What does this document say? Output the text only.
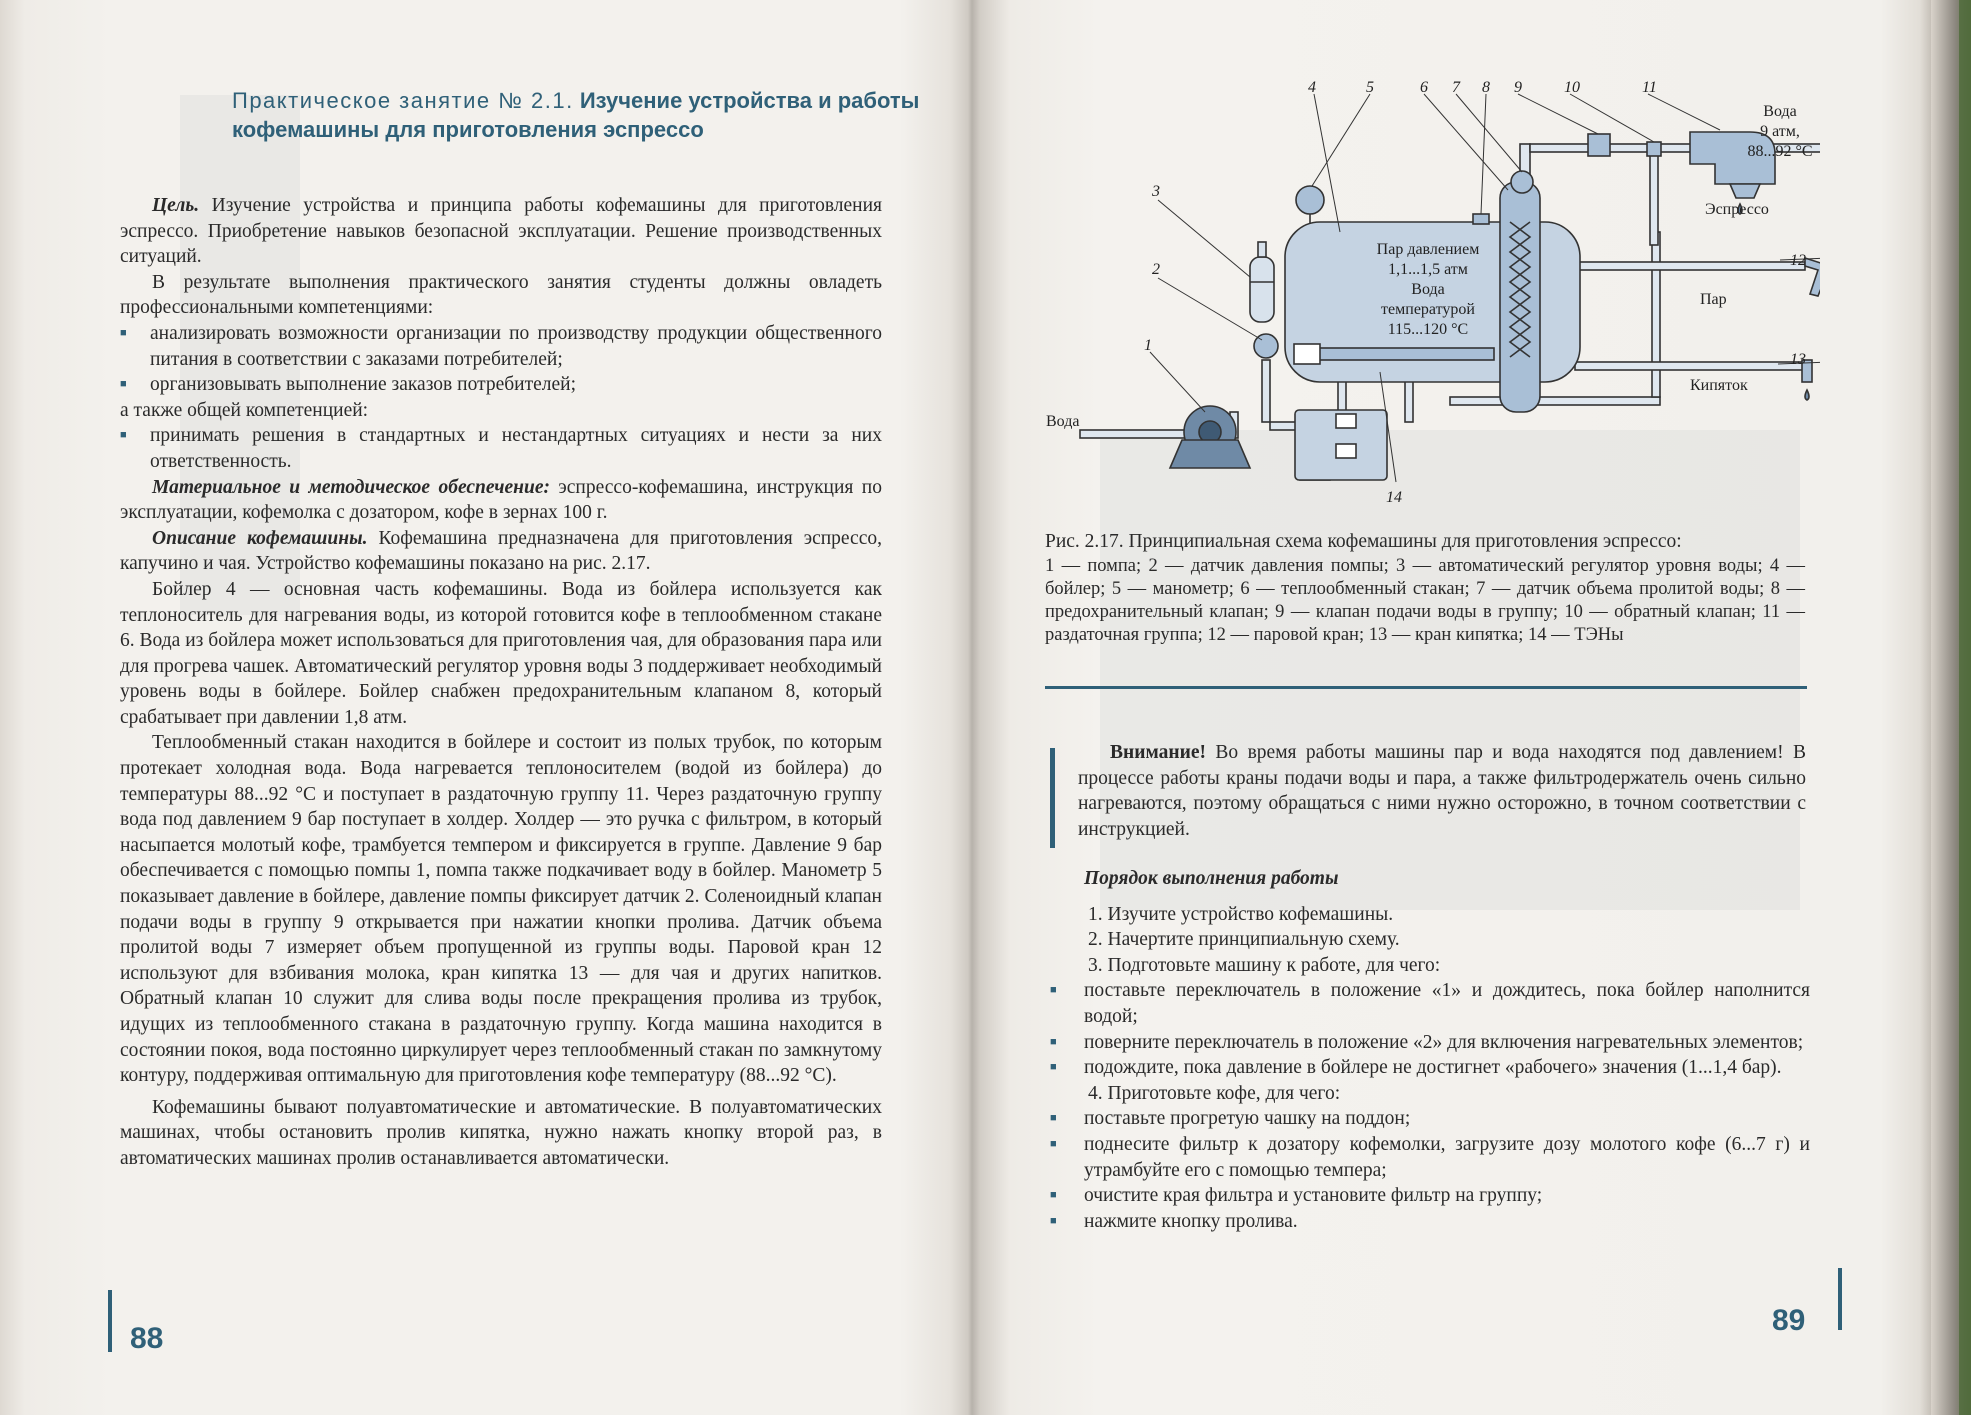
Практическое занятие № 2.1. Изучение устройства и работы кофемашины для приготовления эспрессо

Цель. Изучение устройства и принципа работы кофемашины для приготовления эспрессо. Приобретение навыков безопасной эксплуатации. Решение производственных ситуаций.

В результате выполнения практического занятия студенты должны овладеть профессиональными компетенциями:

■ анализировать возможности организации по производству продукции общественного питания в соответствии с заказами потребителей;
■ организовывать выполнение заказов потребителей;

а также общей компетенцией:

■ принимать решения в стандартных и нестандартных ситуациях и нести за них ответственность.

Материальное и методическое обеспечение: эспрессо-кофемашина, инструкция по эксплуатации, кофемолка с дозатором, кофе в зернах 100 г.

Описание кофемашины. Кофемашина предназначена для приготовления эспрессо, капучино и чая. Устройство кофемашины показано на рис. 2.17.

Бойлер 4 — основная часть кофемашины. Вода из бойлера используется как теплоноситель для нагревания воды, из которой готовится кофе в теплообменном стакане 6. Вода из бойлера может использоваться для приготовления чая, для образования пара или для прогрева чашек. Автоматический регулятор уровня воды 3 поддерживает необходимый уровень воды в бойлере. Бойлер снабжен предохранительным клапаном 8, который срабатывает при давлении 1,8 атм.

Теплообменный стакан находится в бойлере и состоит из полых трубок, по которым протекает холодная вода. Вода нагревается теплоносителем (водой из бойлера) до температуры 88...92 °С и поступает в раздаточную группу 11. Через раздаточную группу вода под давлением 9 бар поступает в холдер. Холдер — это ручка с фильтром, в который насыпается молотый кофе, трамбуется темпером и фиксируется в группе. Давление 9 бар обеспечивается с помощью помпы 1, помпа также подкачивает воду в бойлер. Манометр 5 показывает давление в бойлере, давление помпы фиксирует датчик 2. Соленоидный клапан подачи воды в группу 9 открывается при нажатии кнопки пролива. Датчик объема пролитой воды 7 измеряет объем пропущенной из группы воды. Паровой кран 12 используют для взбивания молока, кран кипятка 13 — для чая и других напитков. Обратный клапан 10 служит для слива воды после прекращения пролива из трубок, идущих из теплообменного стакана в раздаточную группу. Когда машина находится в состоянии покоя, вода постоянно циркулирует через теплообменный стакан по замкнутому контуру, поддерживая оптимальную для приготовления кофе температуру (88...92 °С).

Кофемашины бывают полуавтоматические и автоматические. В полуавтоматических машинах, чтобы остановить пролив кипятка, нужно нажать кнопку второй раз, в автоматических машинах пролив останавливается автоматически.

88
1
2
3
4	5	6 7 8 9	10	11
12
13
14
Пар давлением
1,1...1,5 атм
Вода
температурой
115...120 °С
Вода
9 атм,
88...92 °С
Вода
Эспрессо
Пар
Кипяток
Рис. 2.17. Принципиальная схема кофемашины для приготовления эспрессо:
1 — помпа; 2 — датчик давления помпы; 3 — автоматический регулятор уровня воды; 4 — бойлер; 5 — манометр; 6 — теплообменный стакан; 7 — датчик объема пролитой воды; 8 — предохранительный клапан; 9 — клапан подачи воды в группу; 10 — обратный клапан; 11 — раздаточная группа; 12 — паровой кран; 13 — кран кипятка; 14 — ТЭНы

Внимание! Во время работы машины пар и вода находятся под давлением! В процессе работы краны подачи воды и пара, а также фильтродержатель очень сильно нагреваются, поэтому обращаться с ними нужно осторожно, в точном соответствии с инструкцией.

Порядок выполнения работы

1. Изучите устройство кофемашины.

2. Начертите принципиальную схему.

3. Подготовьте машину к работе, для чего:

■ поставьте переключатель в положение «1» и дождитесь, пока бойлер наполнится водой;
■ поверните переключатель в положение «2» для включения нагревательных элементов;
■ подождите, пока давление в бойлере не достигнет «рабочего» значения (1...1,4 бар).

4. Приготовьте кофе, для чего:

■ поставьте прогретую чашку на поддон;
■ поднесите фильтр к дозатору кофемолки, загрузите дозу молотого кофе (6...7 г) и утрамбуйте его с помощью темпера;
■ очистите края фильтра и установите фильтр на группу;
■ нажмите кнопку пролива.
89
